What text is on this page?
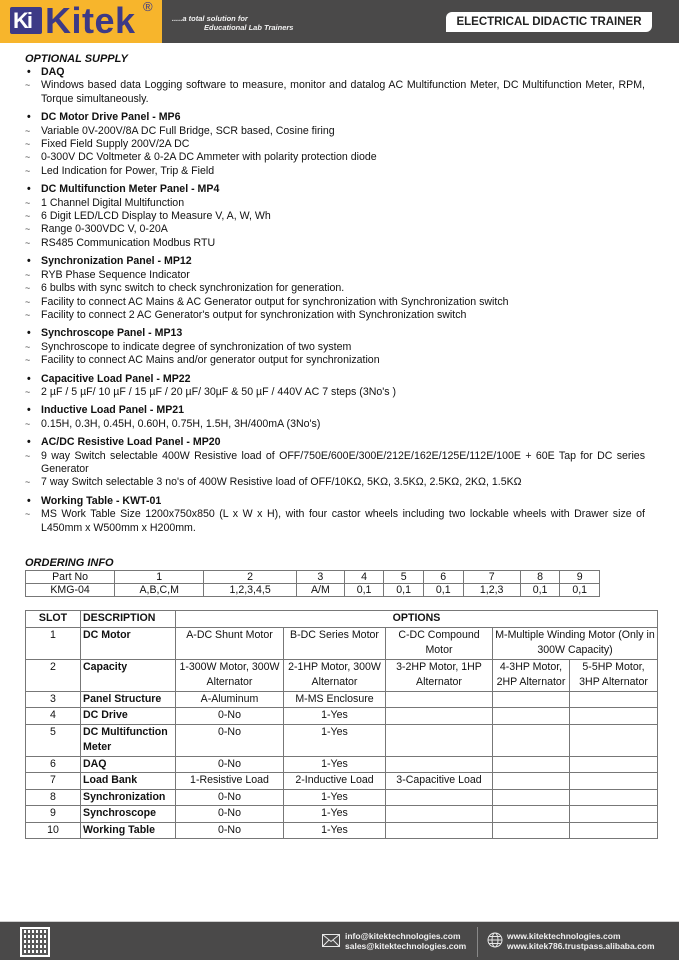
Ki Kitek ®
.....a total solution for
Educational Lab Trainers	ELECTRICAL DIDACTIC TRAINER
OPTIONAL SUPPLY
• DAQ
~	Windows based data Logging software to measure, monitor and datalog AC Multifunction Meter, DC Multifunction Meter, RPM, Torque simultaneously.
• DC Motor Drive Panel - MP6
~	Variable 0V-200V/8A DC Full Bridge, SCR based, Cosine firing
~	Fixed Field Supply 200V/2A DC
~	0-300V DC Voltmeter & 0-2A DC Ammeter with polarity protection diode
~	Led Indication for Power, Trip & Field
• DC Multifunction Meter Panel - MP4
~	1 Channel Digital Multifunction
~	6 Digit LED/LCD Display to Measure V, A, W, Wh
~	Range 0-300VDC V, 0-20A
~	RS485 Communication Modbus RTU
• Synchronization Panel - MP12
~	RYB Phase Sequence Indicator
~	6 bulbs with sync switch to check synchronization for generation.
~	Facility to connect AC Mains & AC Generator output for synchronization with Synchronization switch
~	Facility to connect 2 AC Generator's output for synchronization with Synchronization switch
• Synchroscope Panel - MP13
~	Synchroscope to indicate degree of synchronization of two system
~	Facility to connect AC Mains and/or generator output for synchronization
• Capacitive Load Panel - MP22
~	2 µF / 5 µF/ 10 µF / 15 µF / 20 µF/ 30µF & 50 µF / 440V AC 7 steps (3No's )
• Inductive Load Panel - MP21
~	0.15H, 0.3H, 0.45H, 0.60H, 0.75H, 1.5H, 3H/400mA (3No's)
• AC/DC Resistive Load Panel - MP20
~	9 way Switch selectable 400W Resistive load of OFF/750E/600E/300E/212E/162E/125E/112E/100E + 60E Tap for DC series Generator
~	7 way Switch selectable 3 no's of 400W Resistive load of OFF/10KΩ, 5KΩ, 3.5KΩ, 2.5KΩ, 2KΩ, 1.5KΩ
• Working Table - KWT-01
~	MS Work Table Size 1200x750x850 (L x W x H), with four castor wheels including two lockable wheels with Drawer size of L450mm x W500mm x H200mm.
ORDERING INFO
Part No	1	2	3	4	5	6	7	8	9
KMG-04	A,B,C,M	1,2,3,4,5	A/M	0,1	0,1	0,1	1,2,3	0,1	0,1
SLOT	DESCRIPTION	OPTIONS				
1	DC Motor	A-DC Shunt Motor	B-DC Series Motor	C-DC Compound Motor	M-Multiple Winding Motor (Only in 300W Capacity)	
2	Capacity	1-300W Motor, 300W Alternator	2-1HP Motor, 300W Alternator	3-2HP Motor, 1HP Alternator	4-3HP Motor, 2HP Alternator	5-5HP Motor, 3HP Alternator
3	Panel Structure	A-Aluminum	M-MS Enclosure			
4	DC Drive	0-No	1-Yes			
5	DC Multifunction Meter	0-No	1-Yes			
6	DAQ	0-No	1-Yes			
7	Load Bank	1-Resistive Load	2-Inductive Load	3-Capacitive Load		
8	Synchronization	0-No	1-Yes			
9	Synchroscope	0-No	1-Yes			
10	Working Table	0-No	1-Yes			
info@kitektechnologies.com
sales@kitektechnologies.com
www.kitektechnologies.com
www.kitek786.trustpass.alibaba.com
